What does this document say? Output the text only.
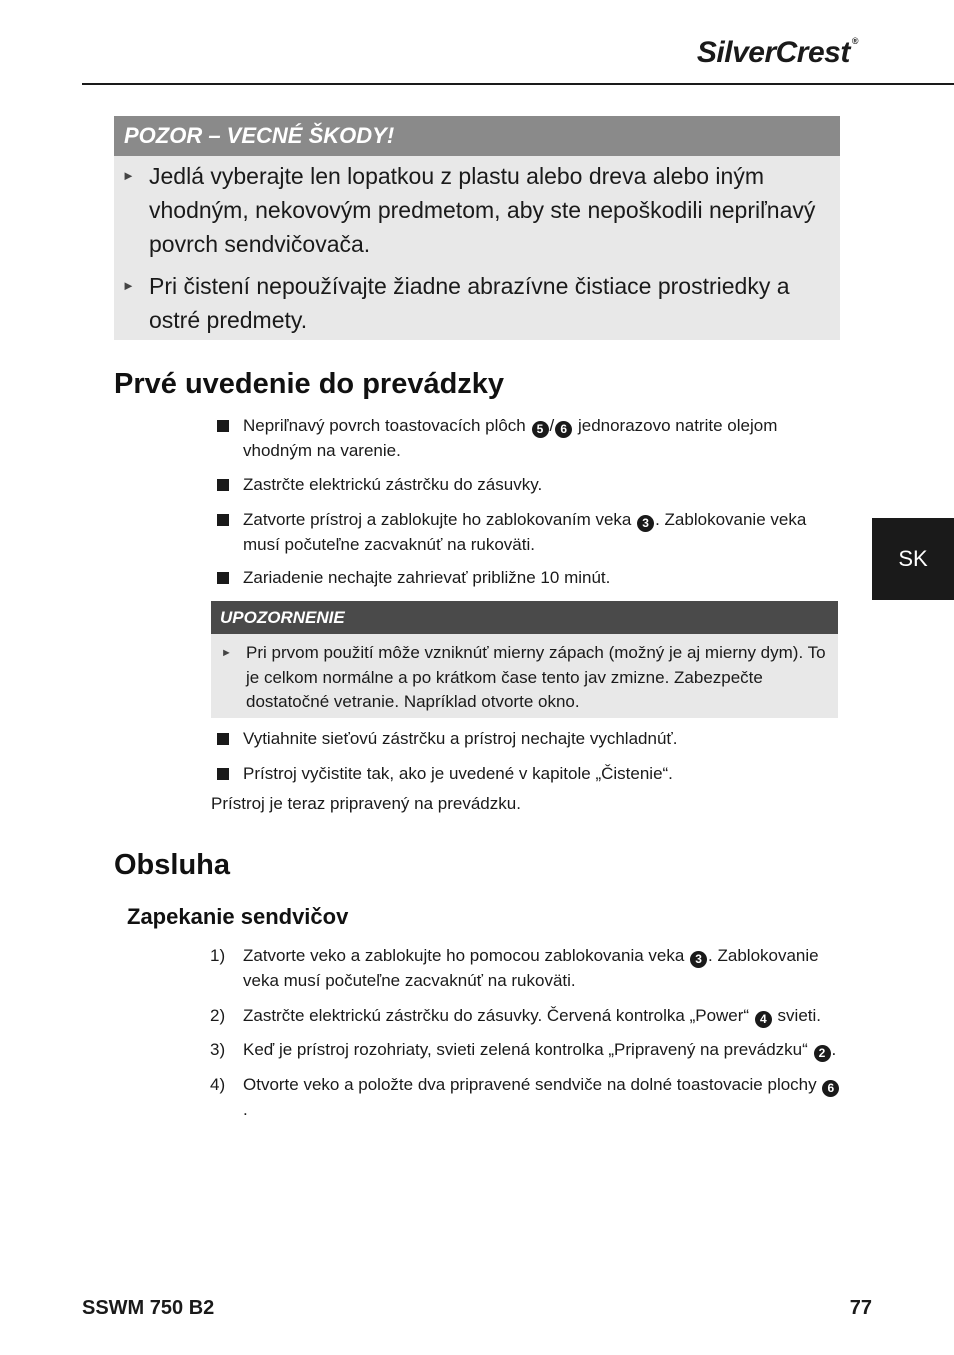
SilverCrest ®
POZOR – VECNÉ ŠKODY!
► Jedlá vyberajte len lopatkou z plastu alebo dreva alebo iným vhodným, nekovovým predmetom, aby ste nepoškodili nepriľnavý povrch sendvičovača.
► Pri čistení nepoužívajte žiadne abrazívne čistiace prostriedky a ostré predmety.
Prvé uvedenie do prevádzky
Nepriľnavý povrch toastovacích plôch 5 / 6 jednorazovo natrite olejom vhodným na varenie.
Zastrčte elektrickú zástrčku do zásuvky.
Zatvorte prístroj a zablokujte ho zablokovaním veka 3 . Zablokovanie veka musí počuteľne zacvaknúť na rukoväti.
Zariadenie nechajte zahrievať približne 10 minút.
UPOZORNENIE
► Pri prvom použití môže vzniknúť mierny zápach (možný je aj mierny dym). To je celkom normálne a po krátkom čase tento jav zmizne. Zabezpečte dostatočné vetranie. Napríklad otvorte okno.
Vytiahnite sieťovú zástrčku a prístroj nechajte vychladnúť.
Prístroj vyčistite tak, ako je uvedené v kapitole „Čistenie“.
Prístroj je teraz pripravený na prevádzku.
Obsluha
Zapekanie sendvičov
1) Zatvorte veko a zablokujte ho pomocou zablokovania veka 3 . Zablokovanie veka musí počuteľne zacvaknúť na rukoväti.
2) Zastrčte elektrickú zástrčku do zásuvky. Červená kontrolka „Power“ 4 svieti.
3) Keď je prístroj rozohriaty, svieti zelená kontrolka „Pripravený na prevádzku“ 2 .
4) Otvorte veko a položte dva pripravené sendviče na dolné toastovacie plochy 6.
SK
SSWM 750 B2	77
